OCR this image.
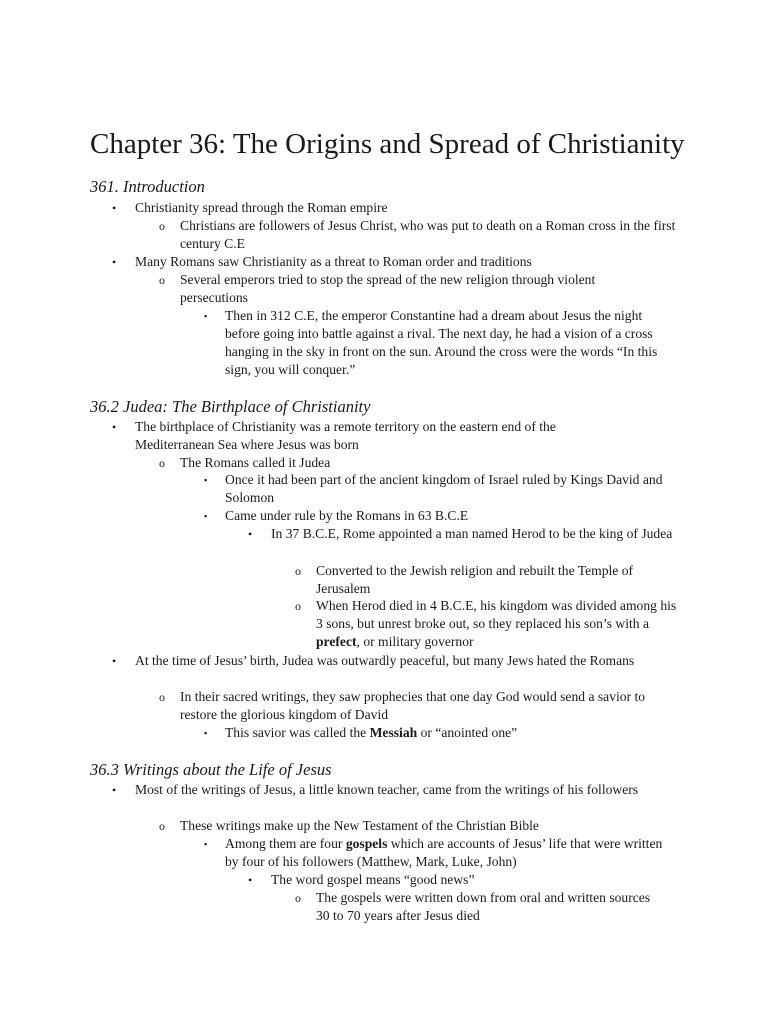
Chapter 36: The Origins and Spread of Christianity
361. Introduction
• Christianity spread through the Roman empire
o Christians are followers of Jesus Christ, who was put to death on a Roman cross in the first century C.E
• Many Romans saw Christianity as a threat to Roman order and traditions
o Several emperors tried to stop the spread of the new religion through violent persecutions
▪ Then in 312 C.E, the emperor Constantine had a dream about Jesus the night before going into battle against a rival. The next day, he had a vision of a cross hanging in the sky in front on the sun. Around the cross were the words “In this sign, you will conquer.”
36.2 Judea: The Birthplace of Christianity
• The birthplace of Christianity was a remote territory on the eastern end of the Mediterranean Sea where Jesus was born
o The Romans called it Judea
▪ Once it had been part of the ancient kingdom of Israel ruled by Kings David and Solomon
▪ Came under rule by the Romans in 63 B.C.E
• In 37 B.C.E, Rome appointed a man named Herod to be the king of Judea
o Converted to the Jewish religion and rebuilt the Temple of Jerusalem
o When Herod died in 4 B.C.E, his kingdom was divided among his 3 sons, but unrest broke out, so they replaced his son’s with a prefect, or military governor
• At the time of Jesus’ birth, Judea was outwardly peaceful, but many Jews hated the Romans
o In their sacred writings, they saw prophecies that one day God would send a savior to restore the glorious kingdom of David
▪ This savior was called the Messiah or “anointed one”
36.3 Writings about the Life of Jesus
• Most of the writings of Jesus, a little known teacher, came from the writings of his followers
o These writings make up the New Testament of the Christian Bible
▪ Among them are four gospels which are accounts of Jesus’ life that were written by four of his followers (Matthew, Mark, Luke, John)
• The word gospel means “good news”
o The gospels were written down from oral and written sources 30 to 70 years after Jesus died
